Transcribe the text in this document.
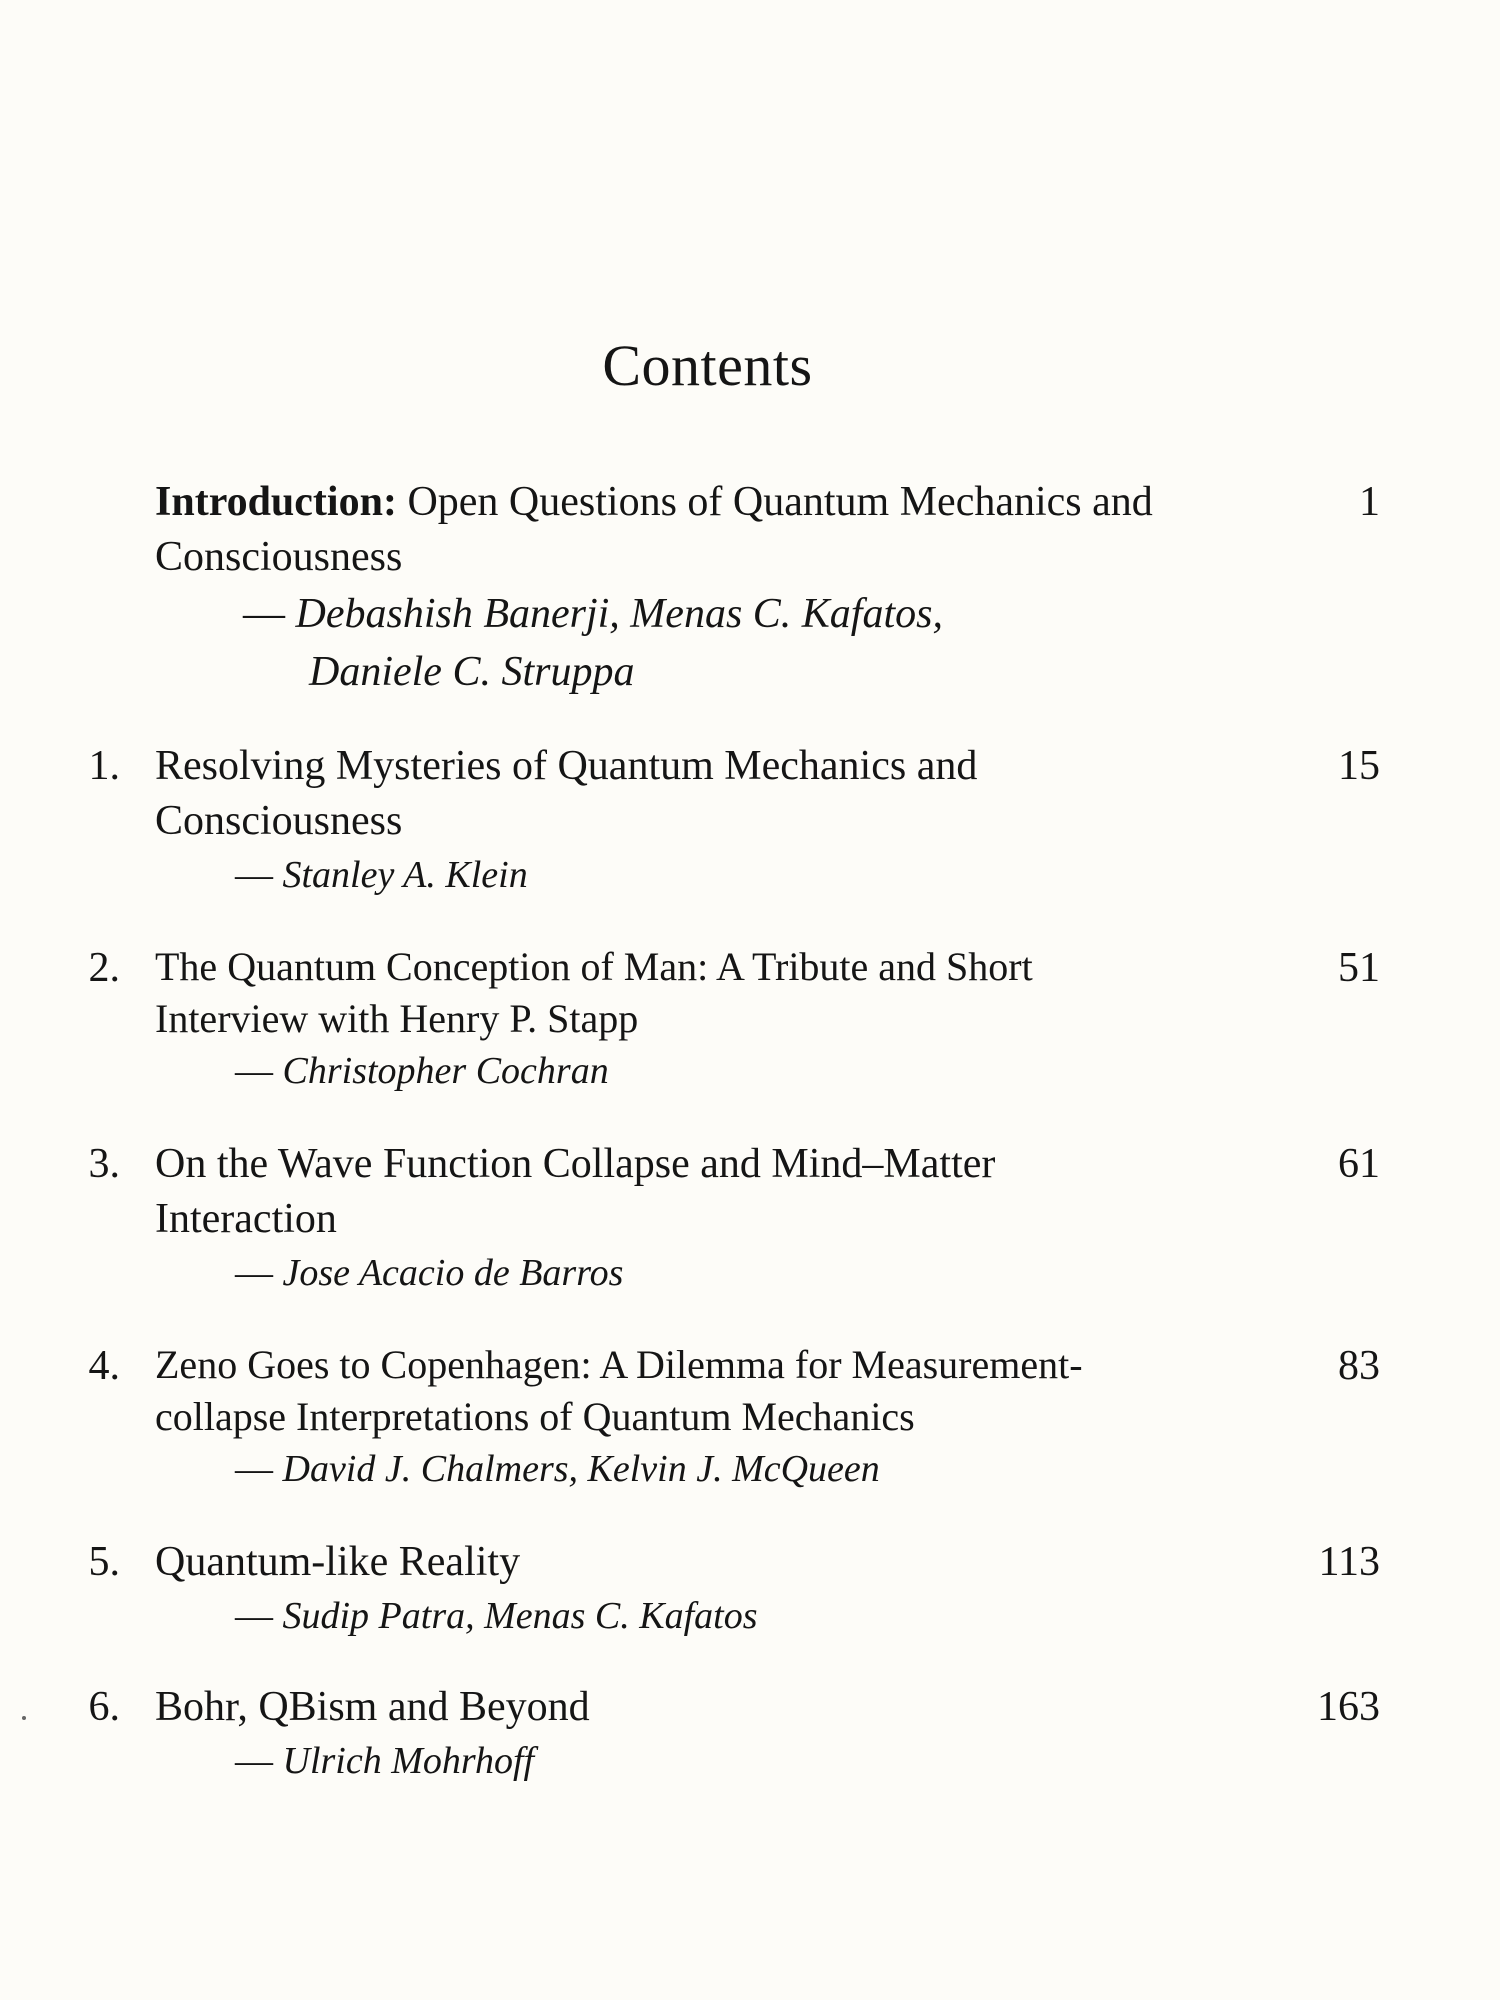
Contents
Introduction: Open Questions of Quantum Mechanics and Consciousness
— Debashish Banerji, Menas C. Kafatos,
Daniele C. Struppa
1
1. Resolving Mysteries of Quantum Mechanics and Consciousness
— Stanley A. Klein
15
2. The Quantum Conception of Man: A Tribute and Short Interview with Henry P. Stapp
— Christopher Cochran
51
3. On the Wave Function Collapse and Mind–Matter Interaction
— Jose Acacio de Barros
61
4. Zeno Goes to Copenhagen: A Dilemma for Measurement-collapse Interpretations of Quantum Mechanics
— David J. Chalmers, Kelvin J. McQueen
83
5. Quantum-like Reality
— Sudip Patra, Menas C. Kafatos
113
6. Bohr, QBism and Beyond
— Ulrich Mohrhoff
163
